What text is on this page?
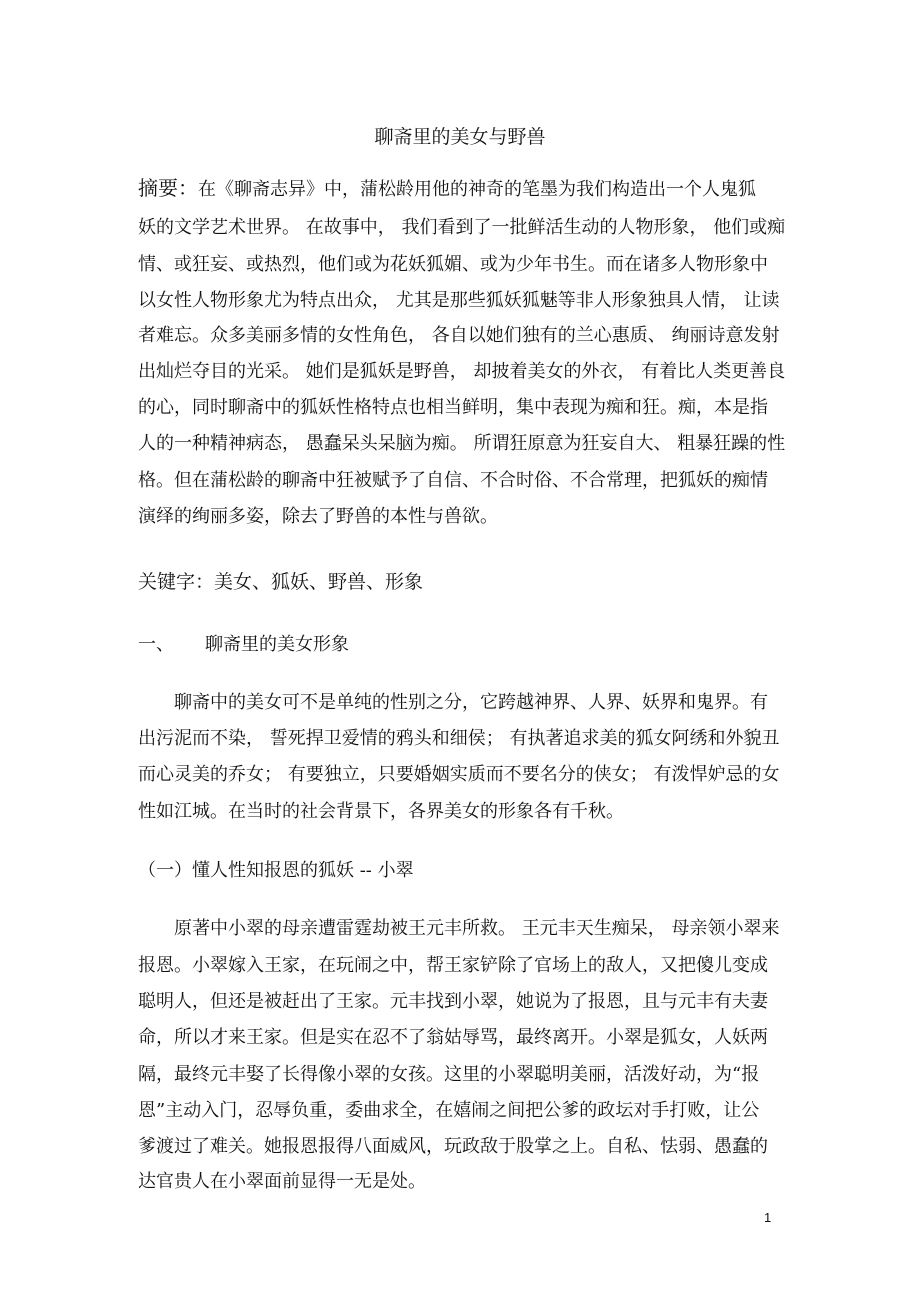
聊斋里的美女与野兽
摘要：在《聊斋志异》中，蒲松龄用他的神奇的笔墨为我们构造出一个人鬼狐
妖的文学艺术世界。 在故事中， 我们看到了一批鲜活生动的人物形象， 他们或痴
情、或狂妄、或热烈，他们或为花妖狐媚、或为少年书生。而在诸多人物形象中
以女性人物形象尤为特点出众， 尤其是那些狐妖狐魅等非人形象独具人情， 让读
者难忘。众多美丽多情的女性角色， 各自以她们独有的兰心惠质、 绚丽诗意发射
出灿烂夺目的光采。 她们是狐妖是野兽， 却披着美女的外衣， 有着比人类更善良
的心，同时聊斋中的狐妖性格特点也相当鲜明，集中表现为痴和狂。痴，本是指
人的一种精神病态， 愚蠢呆头呆脑为痴。 所谓狂原意为狂妄自大、 粗暴狂躁的性
格。但在蒲松龄的聊斋中狂被赋予了自信、不合时俗、不合常理，把狐妖的痴情
演绎的绚丽多姿，除去了野兽的本性与兽欲。
关键字：美女、狐妖、野兽、形象
一、 聊斋里的美女形象
聊斋中的美女可不是单纯的性别之分，它跨越神界、人界、妖界和鬼界。有
出污泥而不染， 誓死捍卫爱情的鸦头和细侯； 有执著追求美的狐女阿绣和外貌丑
而心灵美的乔女； 有要独立，只要婚姻实质而不要名分的侠女； 有泼悍妒忌的女
性如江城。在当时的社会背景下，各界美女的形象各有千秋。
（一）懂人性知报恩的狐妖 -- 小翠
原著中小翠的母亲遭雷霆劫被王元丰所救。 王元丰天生痴呆， 母亲领小翠来
报恩。小翠嫁入王家，在玩闹之中，帮王家铲除了官场上的敌人，又把傻儿变成
聪明人，但还是被赶出了王家。元丰找到小翠，她说为了报恩，且与元丰有夫妻
命，所以才来王家。但是实在忍不了翁姑辱骂，最终离开。小翠是狐女，人妖两
隔，最终元丰娶了长得像小翠的女孩。这里的小翠聪明美丽，活泼好动，为“报
恩”主动入门，忍辱负重，委曲求全，在嬉闹之间把公爹的政坛对手打败，让公
爹渡过了难关。她报恩报得八面威风，玩政敌于股掌之上。自私、怯弱、愚蠢的
达官贵人在小翠面前显得一无是处。
1
